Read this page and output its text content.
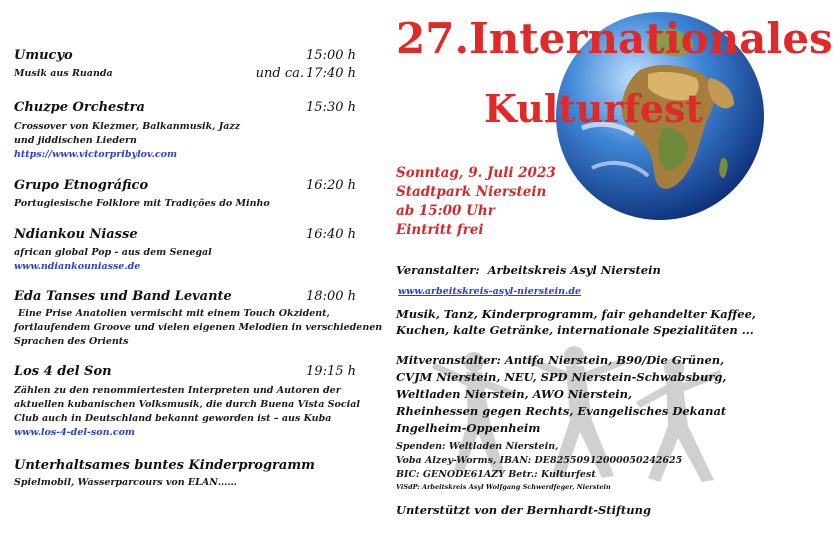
Umucyo	15:00 h
Musik aus Ruanda	und ca. 17:40 h
Chuzpe Orchestra	15:30 h
Crossover von Klezmer, Balkanmusik, Jazz
und jiddischen Liedern
https://www.victorpribylov.com
Grupo Etnográfico	16:20 h
Portugiesische Folklore mit Tradições do Minho
Ndiankou Niasse	16:40 h
african global Pop - aus dem Senegal
www.ndiankouniasse.de
Eda Tanses und Band Levante	18:00 h
Eine Prise Anatolien vermischt mit einem Touch Okzident,
fortlaufendem Groove und vielen eigenen Melodien in verschiedenen
Sprachen des Orients
Los 4 del Son	19:15 h
Zählen zu den renommiertesten Interpreten und Autoren der
aktuellen kubanischen Volksmusik, die durch Buena Vista Social
Club auch in Deutschland bekannt geworden ist – aus Kuba
www.los-4-del-son.com
Unterhaltsames buntes Kinderprogramm
Spielmobil, Wasserparcours von ELAN……
27.Internationales
Kulturfest
Sonntag, 9. Juli 2023
Stadtpark Nierstein
ab 15:00 Uhr
Eintritt frei
Veranstalter: Arbeitskreis Asyl Nierstein
www.arbeitskreis-asyl-nierstein.de
Musik, Tanz, Kinderprogramm, fair gehandelter Kaffee,
Kuchen, kalte Getränke, internationale Spezialitäten ...
Mitveranstalter: Antifa Nierstein, B90/Die Grünen,
CVJM Nierstein, NEU, SPD Nierstein-Schwabsburg,
Weltladen Nierstein, AWO Nierstein,
Rheinhessen gegen Rechts, Evangelisches Dekanat
Ingelheim-Oppenheim
Spenden: Weltladen Nierstein,
Voba Alzey-Worms, IBAN: DE82550912000050242625
BIC: GENODE61AZY Betr.: Kulturfest
ViSdP: Arbeitskreis Asyl Wolfgang Schwerdfeger, Nierstein
Unterstützt von der Bernhardt-Stiftung
